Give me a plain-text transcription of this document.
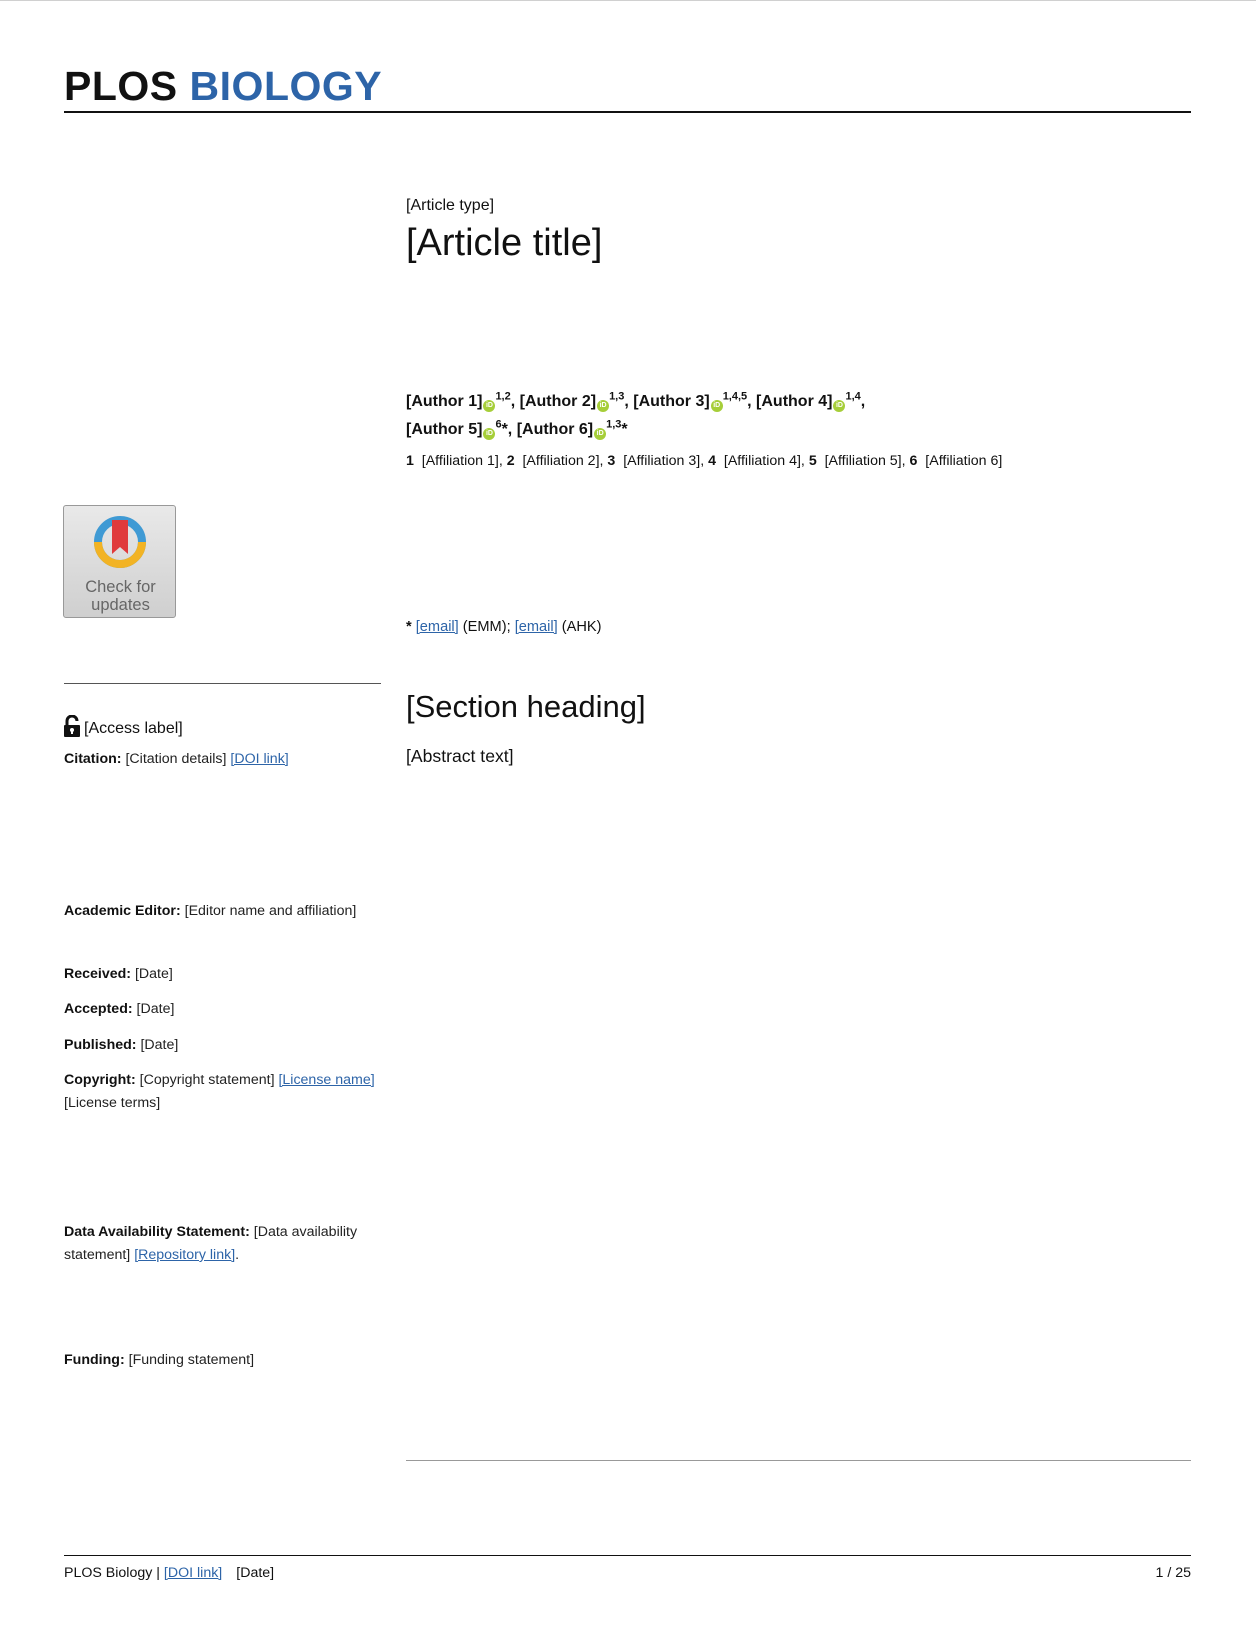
PLOS BIOLOGY
[Article type]
[Article title]
[Author 1] iD$^{1,2}$, [Author 2] iD$^{1,3}$, [Author 3] iD$^{1,4,5}$, [Author 4] iD$^{1,4}$,
[Author 5] $iD^6*$, [Author 6] iD$^{1,3}$*
1 [Affiliation 1], 2 [Affiliation 2], 3 [Affiliation 3], 4 [Affiliation 4], 5 [Affiliation 5], 6 [Affiliation 6]
* [email] (EMM); [email] (AHK)
[Section heading]

[Abstract text]

Check for
updates
[Access label]
Citation: [Citation details] [DOI link]
Academic Editor: [Editor name and affiliation]
Received: [Date]
Accepted: [Date]
Published: [Date]
Copyright: [Copyright statement] [License name][License terms]
Data Availability Statement: [Data availability statement] [Repository link].
Funding: [Funding statement]
PLOS Biology | [DOI link] [Date]	1 / 25
